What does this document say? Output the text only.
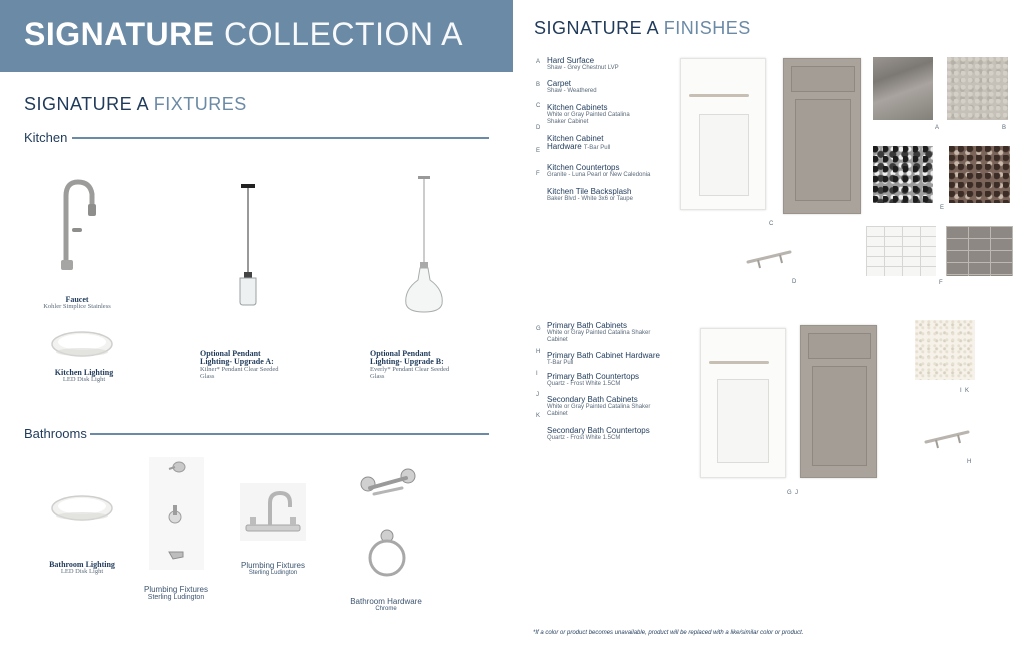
SIGNATURE COLLECTION A
SIGNATURE A FIXTURES
Kitchen
Faucet
Kohler Simplice Stainless
Kitchen Lighting
LED Disk Light
Optional Pendant
Lighting- Upgrade A:
Kilner* Pendant Clear Seeded
Glass
Optional Pendant
Lighting- Upgrade B:
Everly* Pendant Clear Seeded
Glass
Bathrooms
Bathroom Lighting
LED Disk Light
Plumbing Fixtures
Sterling Ludington
Plumbing Fixtures
Sterling Ludington
Bathroom Hardware
Chrome
SIGNATURE A FINISHES
A Hard Surface
Shaw - Grey Chestnut LVP
B Carpet
Shaw - Weathered
C Kitchen Cabinets
White or Gray Painted Catalina
Shaker Cabinet
D
Kitchen Cabinet
Hardware T-Bar Pull
E
Kitchen Countertops
Granite - Luna Pearl or New Caledonia
F
Kitchen Tile Backsplash
Baker Blvd - White 3x6 or Taupe
C
D
A	B
E
F
G Primary Bath Cabinets
White or Gray Painted Catalina Shaker
Cabinet
H Primary Bath Cabinet Hardware
T-Bar Pull
I Primary Bath Countertops
Quartz - Frost White 1.5CM
J Secondary Bath Cabinets
White or Gray Painted Catalina Shaker
Cabinet
K
Secondary Bath Countertops
Quartz - Frost White 1.5CM
G  J
I  K
H
*If a color or product becomes unavailable, product will be replaced with a like/similar color or product.
